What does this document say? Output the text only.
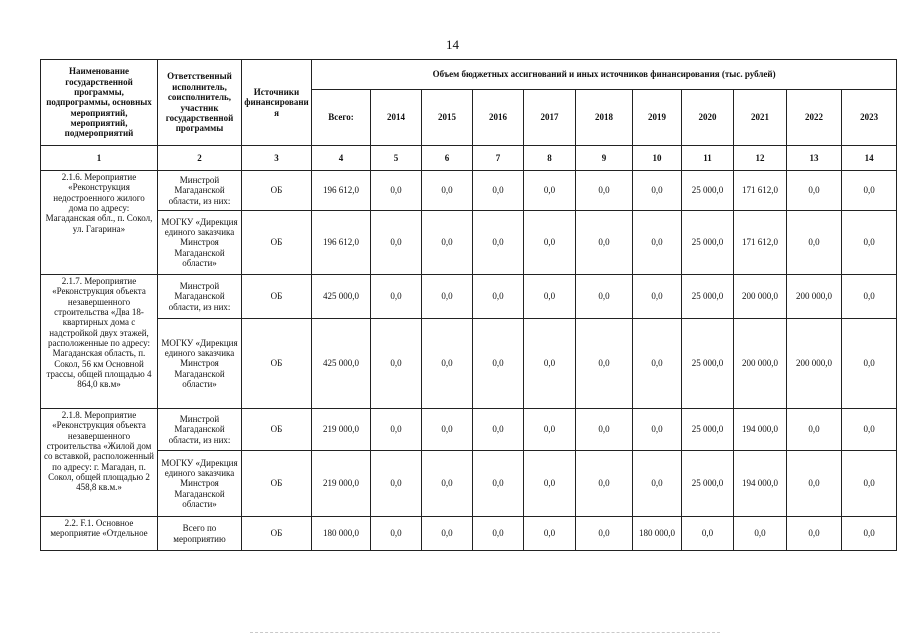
14
Наименование государственной программы, подпрограммы, основных мероприятий, мероприятий, подмероприятий	Ответственный исполнитель, соисполнитель, участник государственной программы	Источники финансирования	Объем бюджетных ассигнований и иных источников финансирования (тыс. рублей)										
			Всего:	2014	2015	2016	2017	2018	2019	2020	2021	2022	2023
1	2	3	4	5	6	7	8	9	10	11	12	13	14
2.1.6. Мероприятие «Реконструкция недостроенного жилого дома по адресу: Магаданская обл., п. Сокол, ул. Гагарина»	Минстрой Магаданской области, из них:	ОБ	196 612,0	0,0	0,0	0,0	0,0	0,0	0,0	25 000,0	171 612,0	0,0	0,0
	МОГКУ «Дирекция единого заказчика Минстроя Магаданской области»	ОБ	196 612,0	0,0	0,0	0,0	0,0	0,0	0,0	25 000,0	171 612,0	0,0	0,0
2.1.7. Мероприятие «Реконструкция объекта незавершенного строительства «Два 18-квартирных дома с надстройкой двух этажей, расположенные по адресу: Магаданская область, п. Сокол, 56 км Основной трассы, общей площадью 4 864,0 кв.м»	Минстрой Магаданской области, из них:	ОБ	425 000,0	0,0	0,0	0,0	0,0	0,0	0,0	25 000,0	200 000,0	200 000,0	0,0
	МОГКУ «Дирекция единого заказчика Минстроя Магаданской области»	ОБ	425 000,0	0,0	0,0	0,0	0,0	0,0	0,0	25 000,0	200 000,0	200 000,0	0,0
2.1.8. Мероприятие «Реконструкция объекта незавершенного строительства «Жилой дом со вставкой, расположенный по адресу: г. Магадан, п. Сокол, общей площадью 2 458,8 кв.м.»	Минстрой Магаданской области, из них:	ОБ	219 000,0	0,0	0,0	0,0	0,0	0,0	0,0	25 000,0	194 000,0	0,0	0,0
	МОГКУ «Дирекция единого заказчика Минстроя Магаданской области»	ОБ	219 000,0	0,0	0,0	0,0	0,0	0,0	0,0	25 000,0	194 000,0	0,0	0,0
2.2. F.1. Основное мероприятие «Отдельное	Всего по мероприятию	ОБ	180 000,0	0,0	0,0	0,0	0,0	0,0	180 000,0	0,0	0,0	0,0	0,0
